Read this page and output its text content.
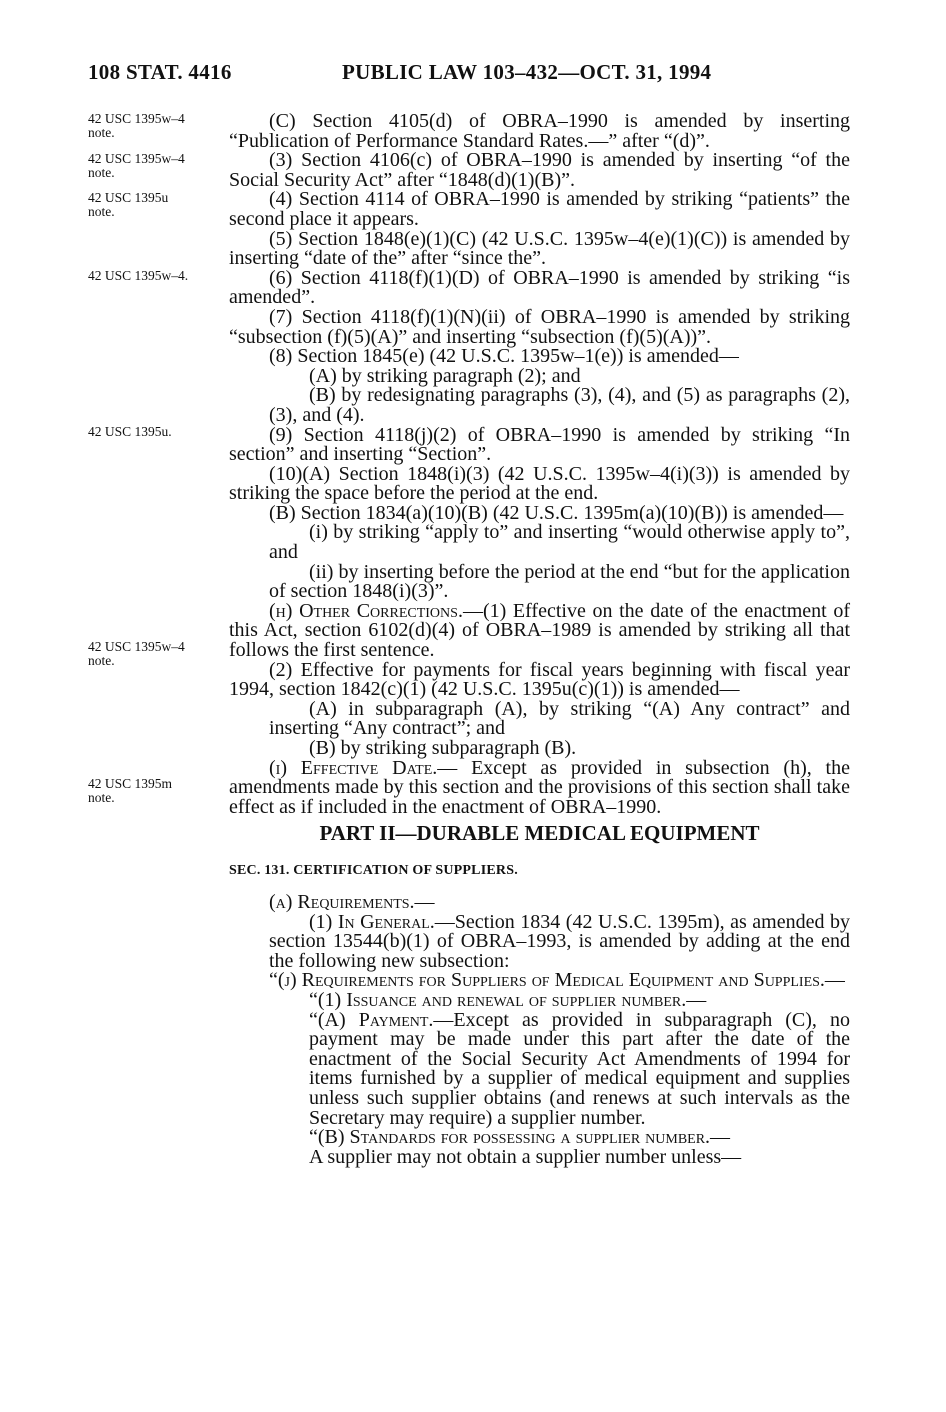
108 STAT. 4416	PUBLIC LAW 103–432—OCT. 31, 1994
42 USC 1395w–4
note.
42 USC 1395w–4
note.
42 USC 1395u
note.
42 USC 1395w–4.
42 USC 1395u.
42 USC 1395w–4
note.
42 USC 1395m
note.

(C) Section 4105(d) of OBRA–1990 is amended by inserting “Publication of Performance Standard Rates.—” after “(d)”.

(3) Section 4106(c) of OBRA–1990 is amended by inserting “of the Social Security Act” after “1848(d)(1)(B)”.

(4) Section 4114 of OBRA–1990 is amended by striking “patients” the second place it appears.

(5) Section 1848(e)(1)(C) (42 U.S.C. 1395w–4(e)(1)(C)) is amended by inserting “date of the” after “since the”.

(6) Section 4118(f)(1)(D) of OBRA–1990 is amended by striking “is amended”.

(7) Section 4118(f)(1)(N)(ii) of OBRA–1990 is amended by striking “subsection (f)(5)(A)” and inserting “subsection (f)(5)(A))”.

(8) Section 1845(e) (42 U.S.C. 1395w–1(e)) is amended—

(A) by striking paragraph (2); and

(B) by redesignating paragraphs (3), (4), and (5) as paragraphs (2), (3), and (4).

(9) Section 4118(j)(2) of OBRA–1990 is amended by striking “In section” and inserting “Section”.

(10)(A) Section 1848(i)(3) (42 U.S.C. 1395w–4(i)(3)) is amended by striking the space before the period at the end.

(B) Section 1834(a)(10)(B) (42 U.S.C. 1395m(a)(10)(B)) is amended—

(i) by striking “apply to” and inserting “would otherwise apply to”, and

(ii) by inserting before the period at the end “but for the application of section 1848(i)(3)”.

(h) Other Corrections.—(1) Effective on the date of the enactment of this Act, section 6102(d)(4) of OBRA–1989 is amended by striking all that follows the first sentence.

(2) Effective for payments for fiscal years beginning with fiscal year 1994, section 1842(c)(1) (42 U.S.C. 1395u(c)(1)) is amended—

(A) in subparagraph (A), by striking “(A) Any contract” and inserting “Any contract”; and

(B) by striking subparagraph (B).

(i) Effective Date.— Except as provided in subsection (h), the amendments made by this section and the provisions of this section shall take effect as if included in the enactment of OBRA–1990.

PART II—DURABLE MEDICAL EQUIPMENT

SEC. 131. CERTIFICATION OF SUPPLIERS.

(a) Requirements.—

(1) In General.—Section 1834 (42 U.S.C. 1395m), as amended by section 13544(b)(1) of OBRA–1993, is amended by adding at the end the following new subsection:

“(j) Requirements for Suppliers of Medical Equipment and Supplies.—

“(1) Issuance and renewal of supplier number.—

“(A) Payment.—Except as provided in subparagraph (C), no payment may be made under this part after the date of the enactment of the Social Security Act Amendments of 1994 for items furnished by a supplier of medical equipment and supplies unless such supplier obtains (and renews at such intervals as the Secretary may require) a supplier number.

“(B) Standards for possessing a supplier number.—
A supplier may not obtain a supplier number unless—
